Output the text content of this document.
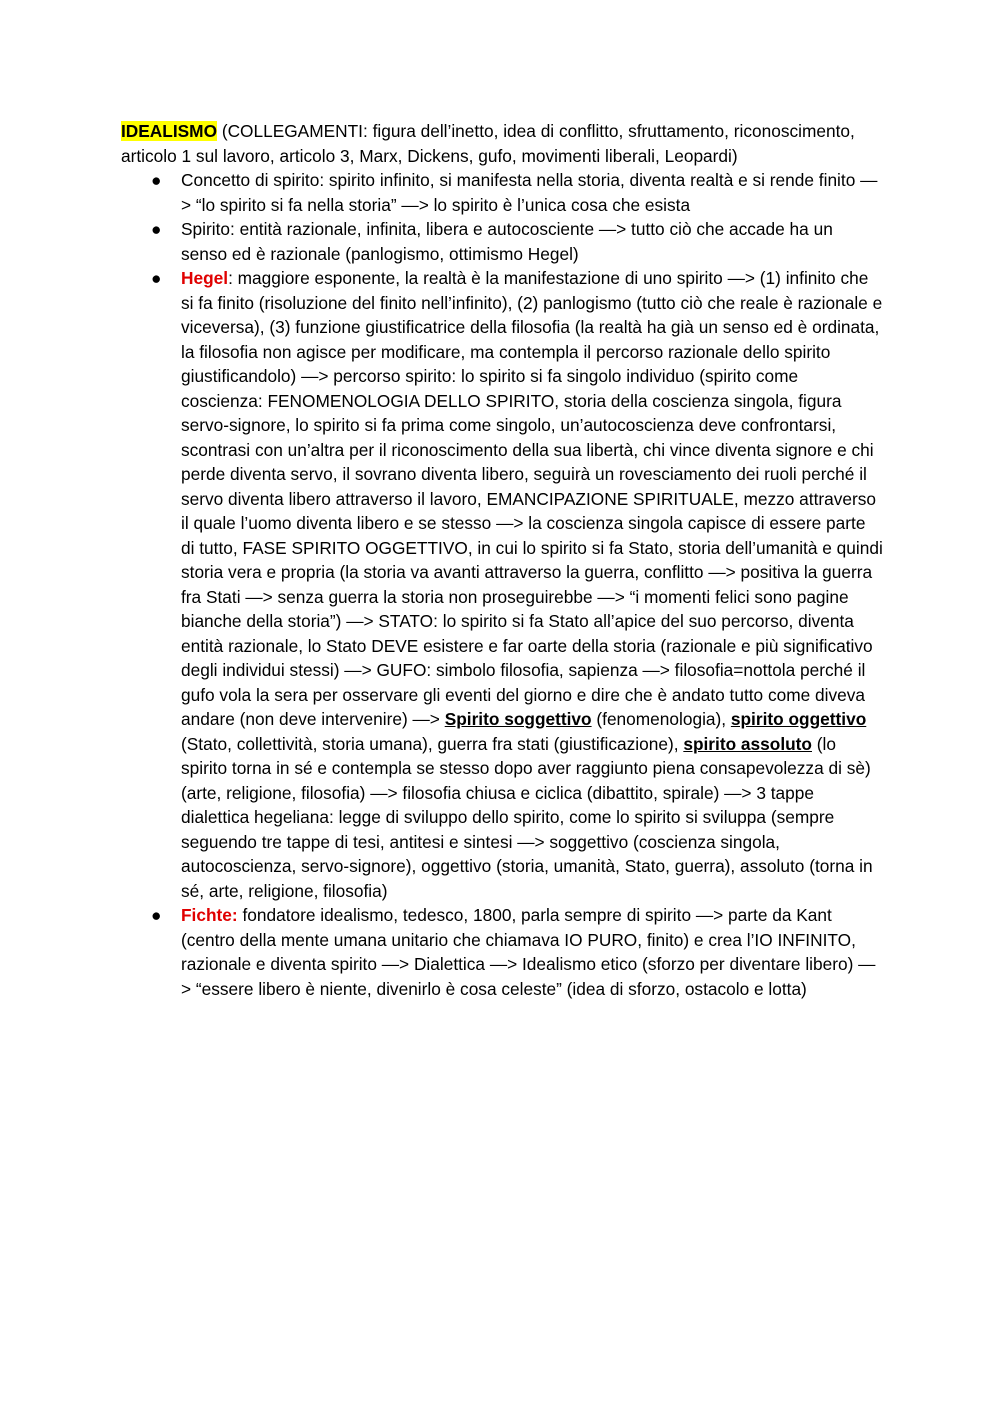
IDEALISMO (COLLEGAMENTI: figura dell’inetto, idea di conflitto, sfruttamento, riconoscimento, articolo 1 sul lavoro, articolo 3, Marx, Dickens, gufo, movimenti liberali, Leopardi)

● Concetto di spirito: spirito infinito, si manifesta nella storia, diventa realtà e si rende finito —> “lo spirito si fa nella storia” —> lo spirito è l’unica cosa che esista
● Spirito: entità razionale, infinita, libera e autocosciente —> tutto ciò che accade ha un senso ed è razionale (panlogismo, ottimismo Hegel)
● Hegel: maggiore esponente, la realtà è la manifestazione di uno spirito —> (1) infinito che si fa finito (risoluzione del finito nell’infinito), (2) panlogismo (tutto ciò che reale è razionale e viceversa), (3) funzione giustificatrice della filosofia (la realtà ha già un senso ed è ordinata, la filosofia non agisce per modificare, ma contempla il percorso razionale dello spirito giustificandolo) —> percorso spirito: lo spirito si fa singolo individuo (spirito come coscienza: FENOMENOLOGIA DELLO SPIRITO, storia della coscienza singola, figura servo-signore, lo spirito si fa prima come singolo, un’autocoscienza deve confrontarsi, scontrasi con un’altra per il riconoscimento della sua libertà, chi vince diventa signore e chi perde diventa servo, il sovrano diventa libero, seguirà un rovesciamento dei ruoli perché il servo diventa libero attraverso il lavoro, EMANCIPAZIONE SPIRITUALE, mezzo attraverso il quale l’uomo diventa libero e se stesso —> la coscienza singola capisce di essere parte di tutto, FASE SPIRITO OGGETTIVO, in cui lo spirito si fa Stato, storia dell’umanità e quindi storia vera e propria (la storia va avanti attraverso la guerra, conflitto —> positiva la guerra fra Stati —> senza guerra la storia non proseguirebbe —> “i momenti felici sono pagine bianche della storia”) —> STATO: lo spirito si fa Stato all’apice del suo percorso, diventa entità razionale, lo Stato DEVE esistere e far oarte della storia (razionale e più significativo degli individui stessi) —> GUFO: simbolo filosofia, sapienza —> filosofia=nottola perché il gufo vola la sera per osservare gli eventi del giorno e dire che è andato tutto come diveva andare (non deve intervenire) —> Spirito soggettivo (fenomenologia), spirito oggettivo (Stato, collettività, storia umana), guerra fra stati (giustificazione), spirito assoluto (lo spirito torna in sé e contempla se stesso dopo aver raggiunto piena consapevolezza di sè) (arte, religione, filosofia) —> filosofia chiusa e ciclica (dibattito, spirale) —> 3 tappe dialettica hegeliana: legge di sviluppo dello spirito, come lo spirito si sviluppa (sempre seguendo tre tappe di tesi, antitesi e sintesi —> soggettivo (coscienza singola, autocoscienza, servo-signore), oggettivo (storia, umanità, Stato, guerra), assoluto (torna in sé, arte, religione, filosofia)
● Fichte: fondatore idealismo, tedesco, 1800, parla sempre di spirito —> parte da Kant (centro della mente umana unitario che chiamava IO PURO, finito) e crea l’IO INFINITO, razionale e diventa spirito —> Dialettica —> Idealismo etico (sforzo per diventare libero) —> “essere libero è niente, divenirlo è cosa celeste” (idea di sforzo, ostacolo e lotta)
